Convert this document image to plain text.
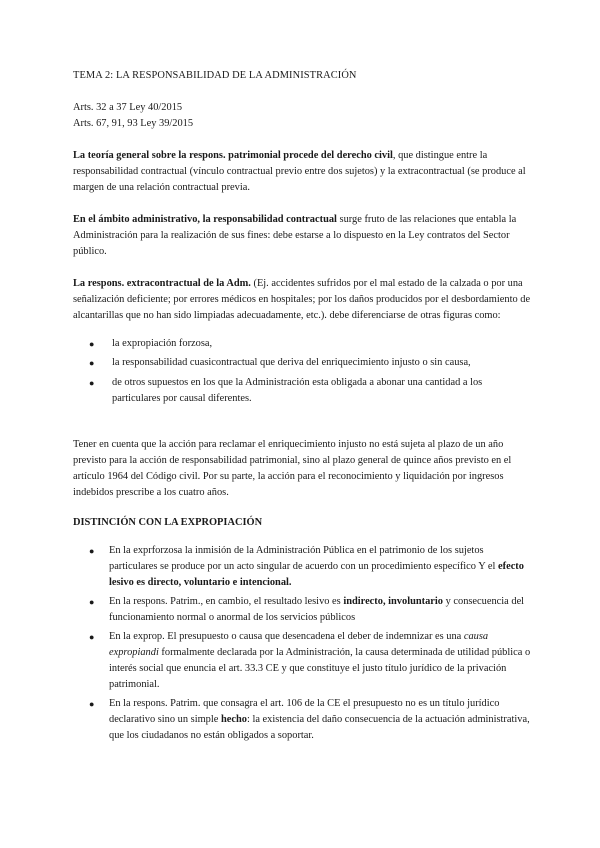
TEMA 2: LA RESPONSABILIDAD DE LA ADMINISTRACIÓN

Arts. 32 a 37 Ley 40/2015

Arts. 67, 91, 93 Ley 39/2015

La teoría general sobre la respons. patrimonial procede del derecho civil, que distingue entre la responsabilidad contractual (vínculo contractual previo entre dos sujetos) y la extracontractual (se produce al margen de una relación contractual previa.

En el ámbito administrativo, la responsabilidad contractual surge fruto de las relaciones que entabla la Administración para la realización de sus fines: debe estarse a lo dispuesto en la Ley contratos del Sector público.

La respons. extracontractual de la Adm. (Ej. accidentes sufridos por el mal estado de la calzada o por una señalización deficiente; por errores médicos en hospitales; por los daños producidos por el desbordamiento de alcantarillas que no han sido limpiadas adecuadamente, etc.). debe diferenciarse de otras figuras como:

● la expropiación forzosa,
● la responsabilidad cuasicontractual que deriva del enriquecimiento injusto o sin causa,
● de otros supuestos en los que la Administración esta obligada a abonar una cantidad a los particulares por causal diferentes.

Tener en cuenta que la acción para reclamar el enriquecimiento injusto no está sujeta al plazo de un año previsto para la acción de responsabilidad patrimonial, sino al plazo general de quince años previsto en el artículo 1964 del Código civil. Por su parte, la acción para el reconocimiento y liquidación por ingresos indebidos prescribe a los cuatro años.

DISTINCIÓN CON LA EXPROPIACIÓN

● En la exprforzosa la inmisión de la Administración Pública en el patrimonio de los sujetos particulares se produce por un acto singular de acuerdo con un procedimiento específico Y el efecto lesivo es directo, voluntario e intencional.
● En la respons. Patrim., en cambio, el resultado lesivo es indirecto, involuntario y consecuencia del funcionamiento normal o anormal de los servicios públicos
● En la exprop. El presupuesto o causa que desencadena el deber de indemnizar es una causa expropiandi formalmente declarada por la Administración, la causa determinada de utilidad pública o interés social que enuncia el art. 33.3 CE y que constituye el justo título jurídico de la privación patrimonial.
● En la respons. Patrim. que consagra el art. 106 de la CE el presupuesto no es un título jurídico declarativo sino un simple hecho: la existencia del daño consecuencia de la actuación administrativa, que los ciudadanos no están obligados a soportar.
